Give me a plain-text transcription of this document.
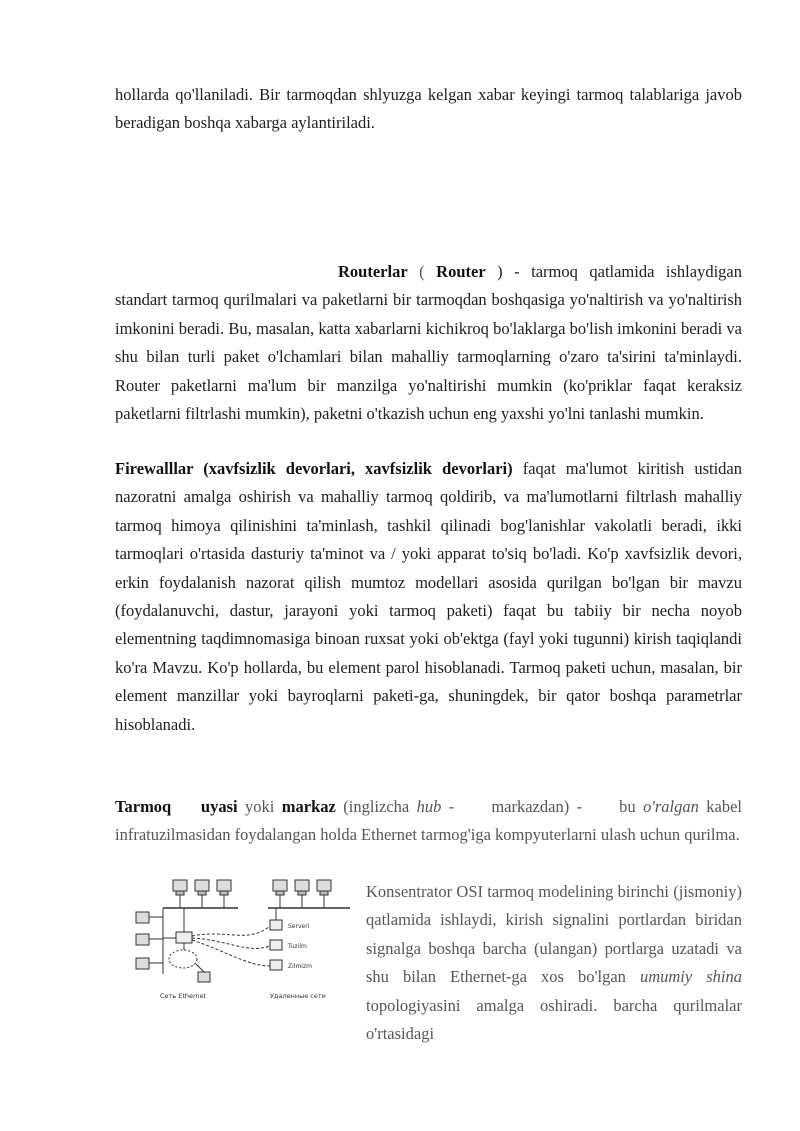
hollarda qo'llaniladi. Bir tarmoqdan shlyuzga kelgan xabar keyingi tarmoq talablariga javob beradigan boshqa xabarga aylantiriladi.

Routerlar ( Router ) - tarmoq qatlamida ishlaydigan standart tarmoq qurilmalari va paketlarni bir tarmoqdan boshqasiga yo'naltirish va yo'naltirish imkonini beradi. Bu, masalan, katta xabarlarni kichikroq bo'laklarga bo'lish imkonini beradi va shu bilan turli paket o'lchamlari bilan mahalliy tarmoqlarning o'zaro ta'sirini ta'minlaydi. Router paketlarni ma'lum bir manzilga yo'naltirishi mumkin (ko'priklar faqat keraksiz paketlarni filtrlashi mumkin), paketni o'tkazish uchun eng yaxshi yo'lni tanlashi mumkin.

Firewalllar (xavfsizlik devorlari, xavfsizlik devorlari) faqat ma'lumot kiritish ustidan nazoratni amalga oshirish va mahalliy tarmoq qoldirib, va ma'lumotlarni filtrlash mahalliy tarmoq himoya qilinishini ta'minlash, tashkil qilinadi bog'lanishlar vakolatli beradi, ikki tarmoqlari o'rtasida dasturiy ta'minot va / yoki apparat to'siq bo'ladi. Ko'p xavfsizlik devori, erkin foydalanish nazorat qilish mumtoz modellari asosida qurilgan bo'lgan bir mavzu (foydalanuvchi, dastur, jarayoni yoki tarmoq paketi) faqat bu tabiiy bir necha noyob elementning taqdimnomasiga binoan ruxsat yoki ob'ektga (fayl yoki tugunni) kirish taqiqlandi ko'ra Mavzu. Ko'p hollarda, bu element parol hisoblanadi. Tarmoq paketi uchun, masalan, bir element manzillar yoki bayroqlarni paketi-ga, shuningdek, bir qator boshqa parametrlar hisoblanadi.

Tarmoq uyasi yoki markaz (inglizcha hub -     markazdan) -     bu o'ralgan kabel infratuzilmasidan foydalangan holda Ethernet tarmog'iga kompyuterlarni ulash uchun qurilma.

Serveri
Tuzilm
Zilmizm
Сеть Ethernet	Удаленные сети

Konsentrator OSI tarmoq modelining birinchi (jismoniy) qatlamida ishlaydi, kirish signalini portlardan biridan signalga boshqa barcha (ulangan) portlarga uzatadi va shu bilan Ethernet-ga xos bo'lgan umumiy shina topologiyasini amalga oshiradi. barcha qurilmalar o'rtasidagi
